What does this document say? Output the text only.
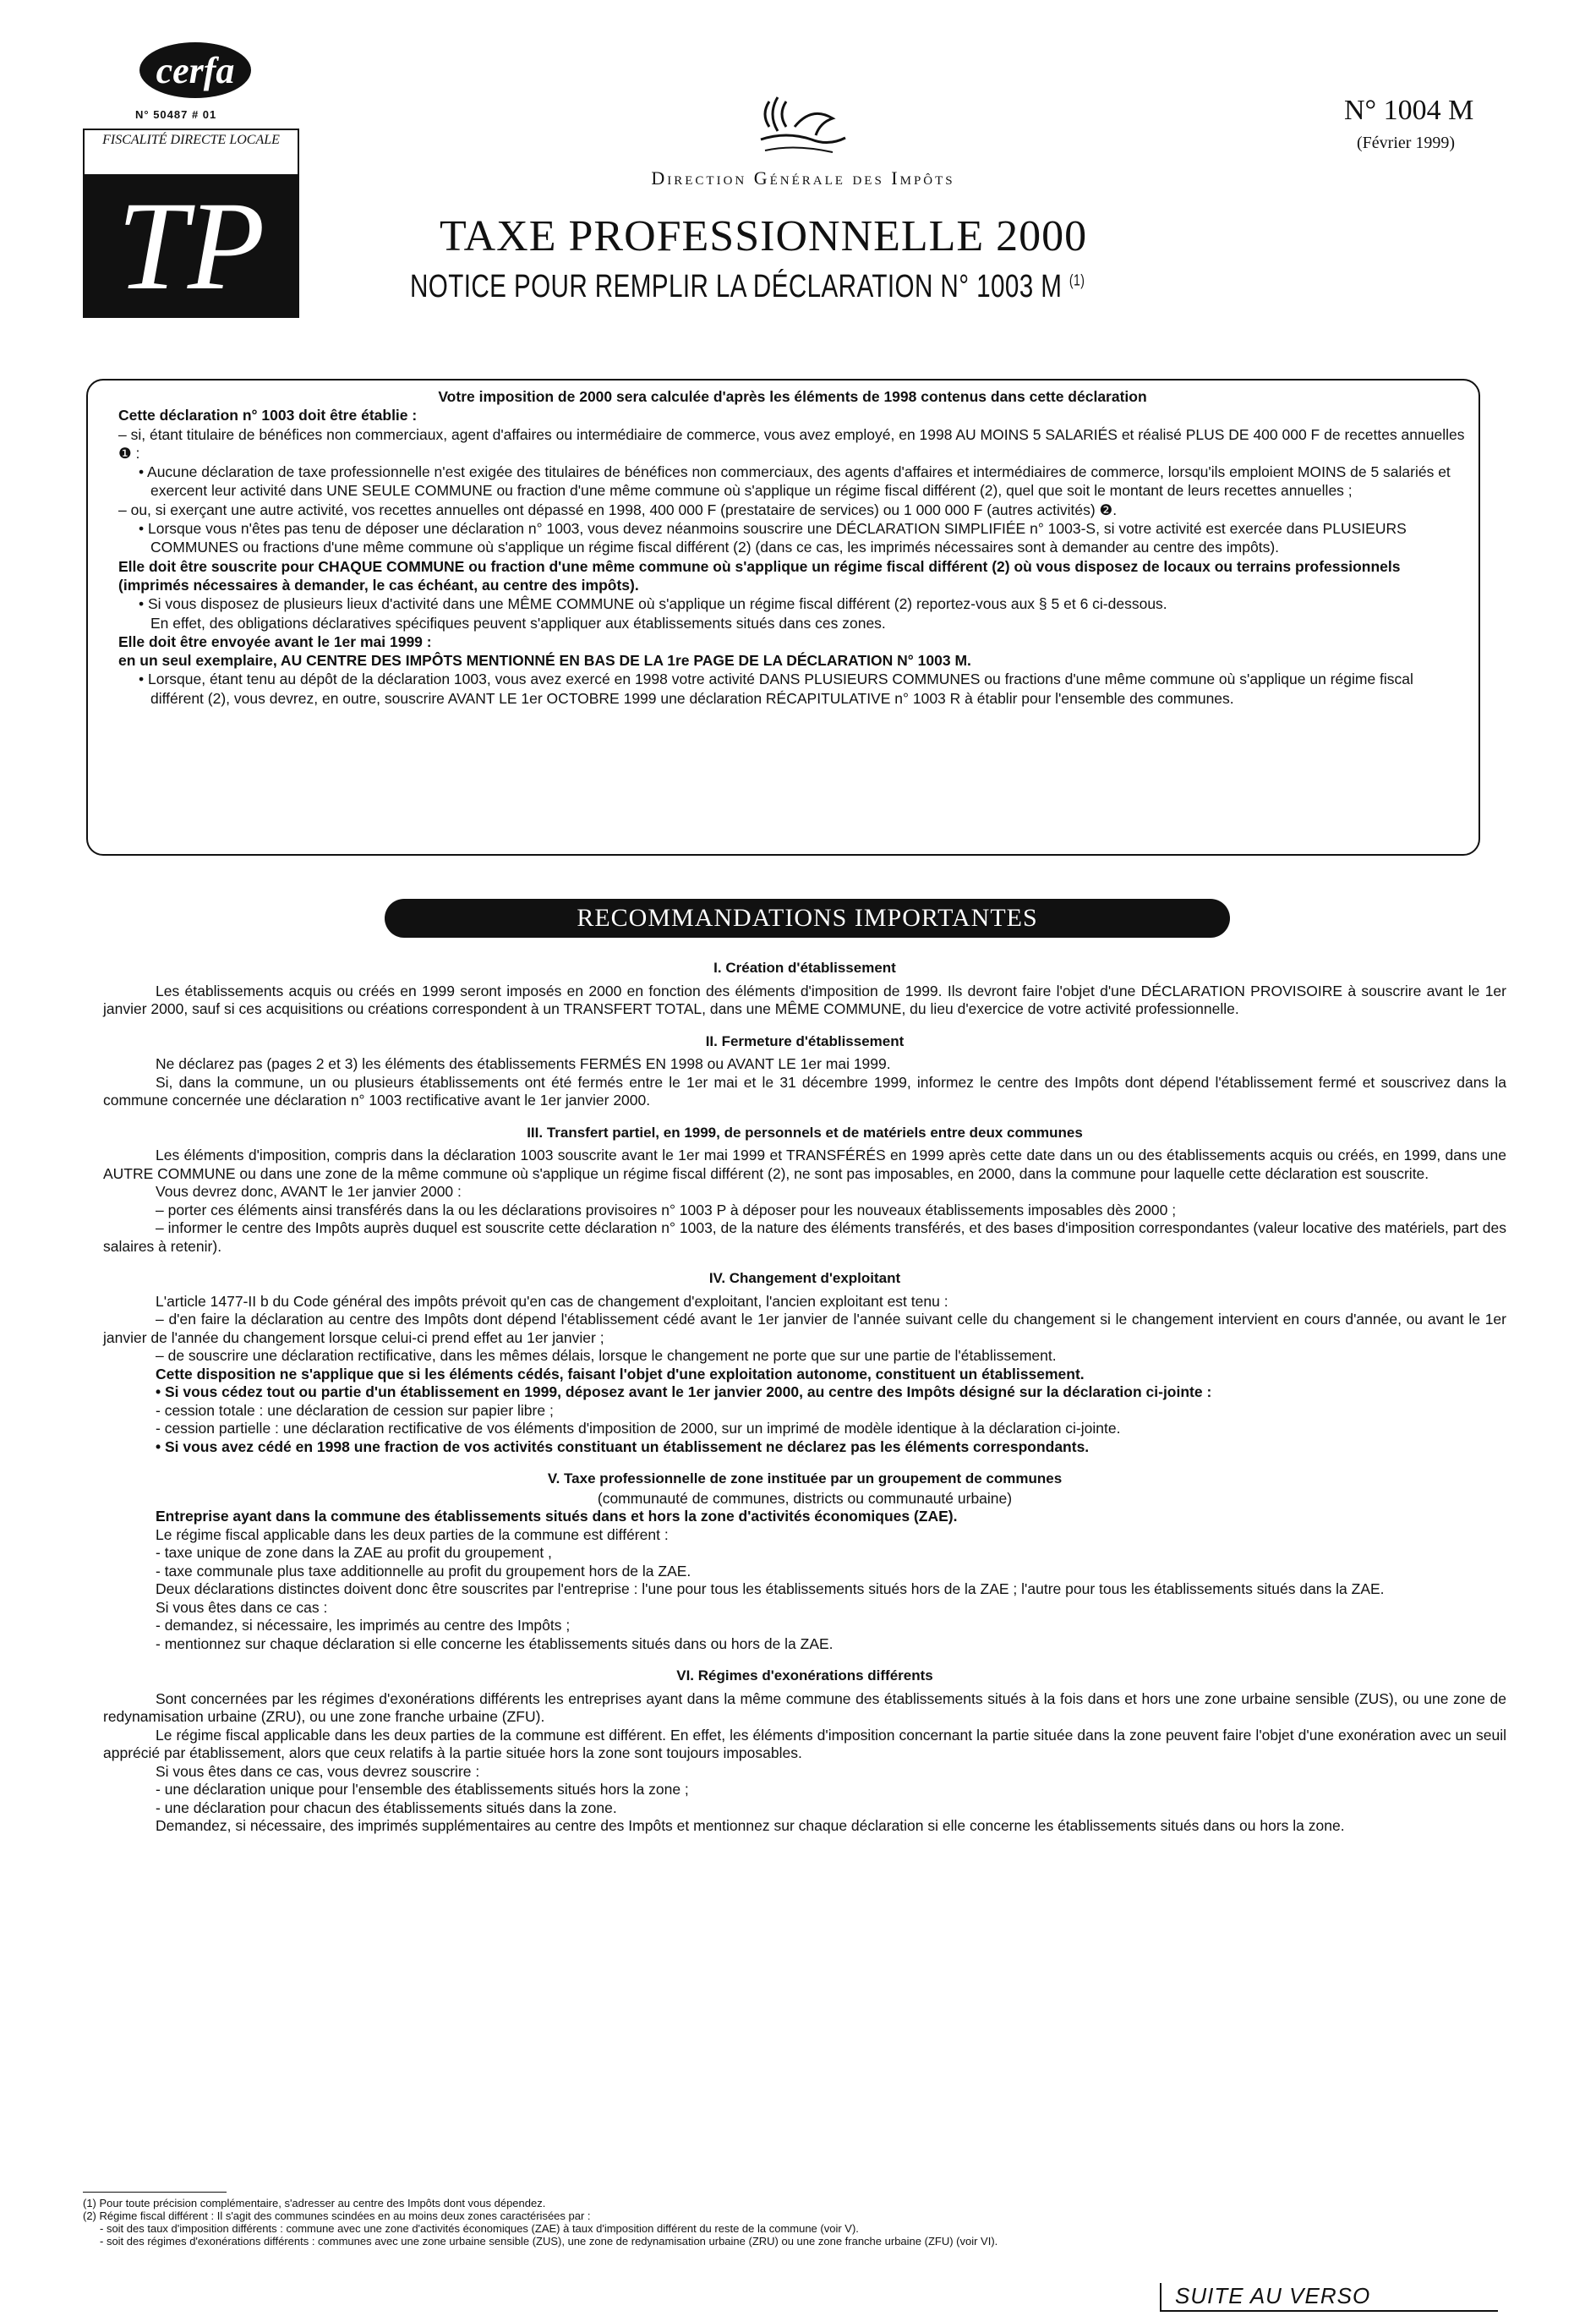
cerfa
N° 50487 # 01
FISCALITÉ DIRECTE LOCALE
TP	Direction Générale des Impôts
N° 1004 M
(Février 1999)
TAXE PROFESSIONNELLE 2000
NOTICE POUR REMPLIR LA DÉCLARATION N° 1003 M $^{(1)}$

Votre imposition de 2000 sera calculée d'après les éléments de 1998 contenus dans cette déclaration

Cette déclaration n° 1003 doit être établie :

– si, étant titulaire de bénéfices non commerciaux, agent d'affaires ou intermédiaire de commerce, vous avez employé, en 1998 AU MOINS 5 SALARIÉS et réalisé PLUS DE 400 000 F de recettes annuelles ❶ :

• Aucune déclaration de taxe professionnelle n'est exigée des titulaires de bénéfices non commerciaux, des agents d'affaires et intermédiaires de commerce, lorsqu'ils emploient MOINS de 5 salariés et exercent leur activité dans UNE SEULE COMMUNE ou fraction d'une même commune où s'applique un régime fiscal différent (2), quel que soit le montant de leurs recettes annuelles ;

– ou, si exerçant une autre activité, vos recettes annuelles ont dépassé en 1998, 400 000 F (prestataire de services) ou 1 000 000 F (autres activités) ❷.

• Lorsque vous n'êtes pas tenu de déposer une déclaration n° 1003, vous devez néanmoins souscrire une DÉCLARATION SIMPLIFIÉE n° 1003-S, si votre activité est exercée dans PLUSIEURS COMMUNES ou fractions d'une même commune où s'applique un régime fiscal différent (2) (dans ce cas, les imprimés nécessaires sont à demander au centre des impôts).

Elle doit être souscrite pour CHAQUE COMMUNE ou fraction d'une même commune où s'applique un régime fiscal différent (2) où vous disposez de locaux ou terrains professionnels (imprimés nécessaires à demander, le cas échéant, au centre des impôts).

• Si vous disposez de plusieurs lieux d'activité dans une MÊME COMMUNE où s'applique un régime fiscal différent (2) reportez-vous aux § 5 et 6 ci-dessous.

En effet, des obligations déclaratives spécifiques peuvent s'appliquer aux établissements situés dans ces zones.

Elle doit être envoyée avant le 1er mai 1999 :

en un seul exemplaire, AU CENTRE DES IMPÔTS MENTIONNÉ EN BAS DE LA 1re PAGE DE LA DÉCLARATION N° 1003 M.

• Lorsque, étant tenu au dépôt de la déclaration 1003, vous avez exercé en 1998 votre activité DANS PLUSIEURS COMMUNES ou fractions d'une même commune où s'applique un régime fiscal différent (2), vous devrez, en outre, souscrire AVANT LE 1er OCTOBRE 1999 une déclaration RÉCAPITULATIVE n° 1003 R à établir pour l'ensemble des communes.

RECOMMANDATIONS IMPORTANTES

I. Création d'établissement

Les établissements acquis ou créés en 1999 seront imposés en 2000 en fonction des éléments d'imposition de 1999. Ils devront faire l'objet d'une DÉCLARATION PROVISOIRE à souscrire avant le 1er janvier 2000, sauf si ces acquisitions ou créations correspondent à un TRANSFERT TOTAL, dans une MÊME COMMUNE, du lieu d'exercice de votre activité professionnelle.

II. Fermeture d'établissement

Ne déclarez pas (pages 2 et 3) les éléments des établissements FERMÉS EN 1998 ou AVANT LE 1er mai 1999.

Si, dans la commune, un ou plusieurs établissements ont été fermés entre le 1er mai et le 31 décembre 1999, informez le centre des Impôts dont dépend l'établissement fermé et souscrivez dans la commune concernée une déclaration n° 1003 rectificative avant le 1er janvier 2000.

III. Transfert partiel, en 1999, de personnels et de matériels entre deux communes

Les éléments d'imposition, compris dans la déclaration 1003 souscrite avant le 1er mai 1999 et TRANSFÉRÉS en 1999 après cette date dans un ou des établissements acquis ou créés, en 1999, dans une AUTRE COMMUNE ou dans une zone de la même commune où s'applique un régime fiscal différent (2), ne sont pas imposables, en 2000, dans la commune pour laquelle cette déclaration est souscrite.

Vous devrez donc, AVANT le 1er janvier 2000 :

– porter ces éléments ainsi transférés dans la ou les déclarations provisoires n° 1003 P à déposer pour les nouveaux établissements imposables dès 2000 ;

– informer le centre des Impôts auprès duquel est souscrite cette déclaration n° 1003, de la nature des éléments transférés, et des bases d'imposition correspondantes (valeur locative des matériels, part des salaires à retenir).

IV. Changement d'exploitant

L'article 1477-II b du Code général des impôts prévoit qu'en cas de changement d'exploitant, l'ancien exploitant est tenu :

– d'en faire la déclaration au centre des Impôts dont dépend l'établissement cédé avant le 1er janvier de l'année suivant celle du changement si le changement intervient en cours d'année, ou avant le 1er janvier de l'année du changement lorsque celui-ci prend effet au 1er janvier ;

– de souscrire une déclaration rectificative, dans les mêmes délais, lorsque le changement ne porte que sur une partie de l'établissement.

Cette disposition ne s'applique que si les éléments cédés, faisant l'objet d'une exploitation autonome, constituent un établissement.

• Si vous cédez tout ou partie d'un établissement en 1999, déposez avant le 1er janvier 2000, au centre des Impôts désigné sur la déclaration ci-jointe :

- cession totale : une déclaration de cession sur papier libre ;

- cession partielle : une déclaration rectificative de vos éléments d'imposition de 2000, sur un imprimé de modèle identique à la déclaration ci-jointe.

• Si vous avez cédé en 1998 une fraction de vos activités constituant un établissement ne déclarez pas les éléments correspondants.

V. Taxe professionnelle de zone instituée par un groupement de communes

(communauté de communes, districts ou communauté urbaine)

Entreprise ayant dans la commune des établissements situés dans et hors la zone d'activités économiques (ZAE).

Le régime fiscal applicable dans les deux parties de la commune est différent :

- taxe unique de zone dans la ZAE au profit du groupement ,

- taxe communale plus taxe additionnelle au profit du groupement hors de la ZAE.

Deux déclarations distinctes doivent donc être souscrites par l'entreprise : l'une pour tous les établissements situés hors de la ZAE ; l'autre pour tous les établissements situés dans la ZAE.

Si vous êtes dans ce cas :

- demandez, si nécessaire, les imprimés au centre des Impôts ;

- mentionnez sur chaque déclaration si elle concerne les établissements situés dans ou hors de la ZAE.

VI. Régimes d'exonérations différents

Sont concernées par les régimes d'exonérations différents les entreprises ayant dans la même commune des établissements situés à la fois dans et hors une zone urbaine sensible (ZUS), ou une zone de redynamisation urbaine (ZRU), ou une zone franche urbaine (ZFU).

Le régime fiscal applicable dans les deux parties de la commune est différent. En effet, les éléments d'imposition concernant la partie située dans la zone peuvent faire l'objet d'une exonération avec un seuil apprécié par établissement, alors que ceux relatifs à la partie située hors la zone sont toujours imposables.

Si vous êtes dans ce cas, vous devrez souscrire :

- une déclaration unique pour l'ensemble des établissements situés hors la zone ;

- une déclaration pour chacun des établissements situés dans la zone.

Demandez, si nécessaire, des imprimés supplémentaires au centre des Impôts et mentionnez sur chaque déclaration si elle concerne les établissements situés dans ou hors la zone.

(1) Pour toute précision complémentaire, s'adresser au centre des Impôts dont vous dépendez.

(2) Régime fiscal différent : Il s'agit des communes scindées en au moins deux zones caractérisées par :

- soit des taux d'imposition différents : commune avec une zone d'activités économiques (ZAE) à taux d'imposition différent du reste de la commune (voir V).

- soit des régimes d'exonérations différents : communes avec une zone urbaine sensible (ZUS), une zone de redynamisation urbaine (ZRU) ou une zone franche urbaine (ZFU) (voir VI).

SUITE AU VERSO
